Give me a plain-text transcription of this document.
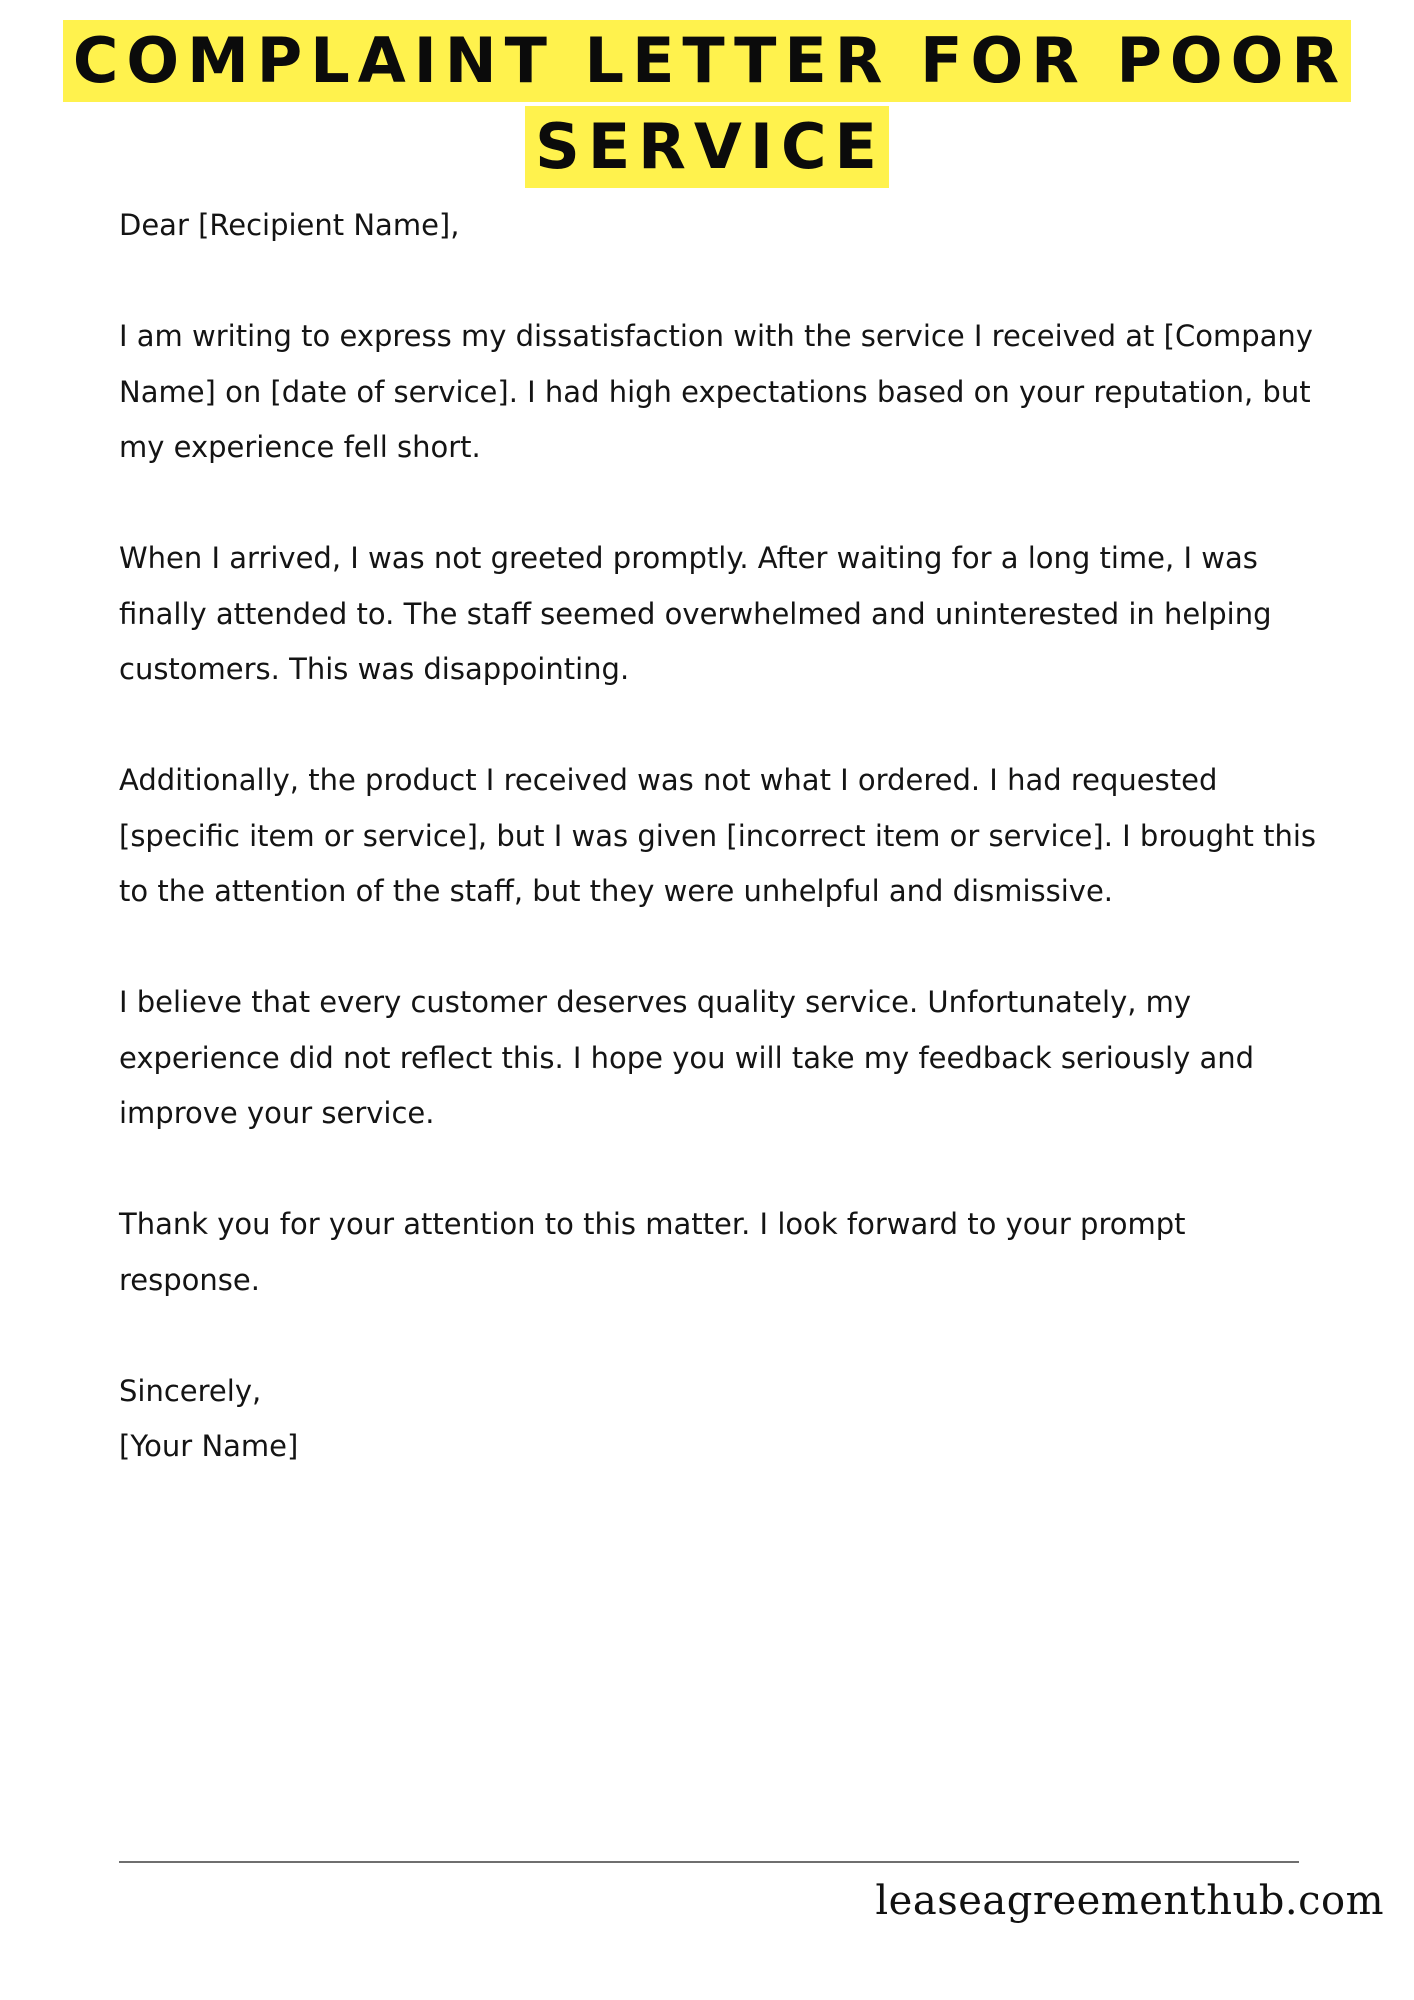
COMPLAINT LETTER FOR POOR
SERVICE

Dear [Recipient Name],

I am writing to express my dissatisfaction with the service I received at [Company Name] on [date of service]. I had high expectations based on your reputation, but my experience fell short.

When I arrived, I was not greeted promptly. After waiting for a long time, I was finally attended to. The staff seemed overwhelmed and uninterested in helping customers. This was disappointing.

Additionally, the product I received was not what I ordered. I had requested [specific item or service], but I was given [incorrect item or service]. I brought this to the attention of the staff, but they were unhelpful and dismissive.

I believe that every customer deserves quality service. Unfortunately, my experience did not reflect this. I hope you will take my feedback seriously and improve your service.

Thank you for your attention to this matter. I look forward to your prompt response.

Sincerely,
[Your Name]

leaseagreementhub.com
